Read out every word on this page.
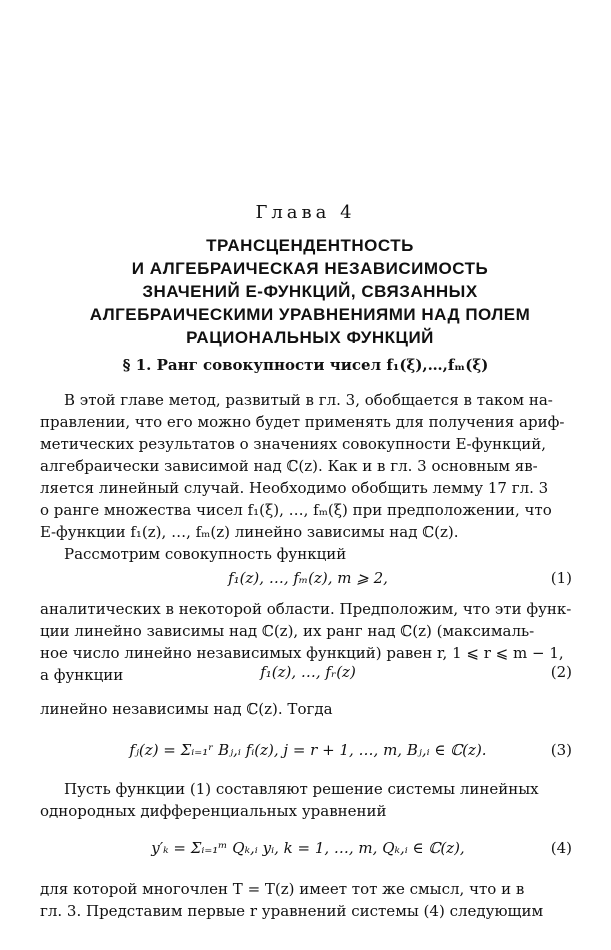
Глава 4
ТРАНСЦЕНДЕНТНОСТЬ
И АЛГЕБРАИЧЕСКАЯ НЕЗАВИСИМОСТЬ
ЗНАЧЕНИЙ Е-ФУНКЦИЙ, СВЯЗАННЫХ
АЛГЕБРАИЧЕСКИМИ УРАВНЕНИЯМИ НАД ПОЛЕМ
РАЦИОНАЛЬНЫХ ФУНКЦИЙ
§ 1. Ранг совокупности чисел f₁(ξ),…,fₘ(ξ)
В этой главе метод, развитый в гл. 3, обобщается в таком на-
правлении, что его можно будет применять для получения ариф-
метических результатов о значениях совокупности Е-функций,
алгебраически зависимой над ℂ(z). Как и в гл. 3 основным яв-
ляется линейный случай. Необходимо обобщить лемму 17 гл. 3
о ранге множества чисел f₁(ξ), …, fₘ(ξ) при предположении, что
Е-функции f₁(z), …, fₘ(z) линейно зависимы над ℂ(z).
Рассмотрим совокупность функций
f₁(z), …, fₘ(z), m ⩾ 2,	(1)
аналитических в некоторой области. Предположим, что эти функ-
ции линейно зависимы над ℂ(z), их ранг над ℂ(z) (максималь-
ное число линейно независимых функций) равен r, 1 ⩽ r ⩽ m − 1,
а функции	f₁(z), …, fᵣ(z)	(2)
линейно независимы над ℂ(z). Тогда
fⱼ(z) = Σᵢ₌₁ʳ Bⱼ,ᵢ fᵢ(z), j = r + 1, …, m, Bⱼ,ᵢ ∈ ℂ(z).	(3)
Пусть функции (1) составляют решение системы линейных
однородных дифференциальных уравнений
y′ₖ = Σᵢ₌₁ᵐ Qₖ,ᵢ yᵢ, k = 1, …, m, Qₖ,ᵢ ∈ ℂ(z),	(4)
для которой многочлен T = T(z) имеет тот же смысл, что и в
гл. 3. Представим первые r уравнений системы (4) следующим
